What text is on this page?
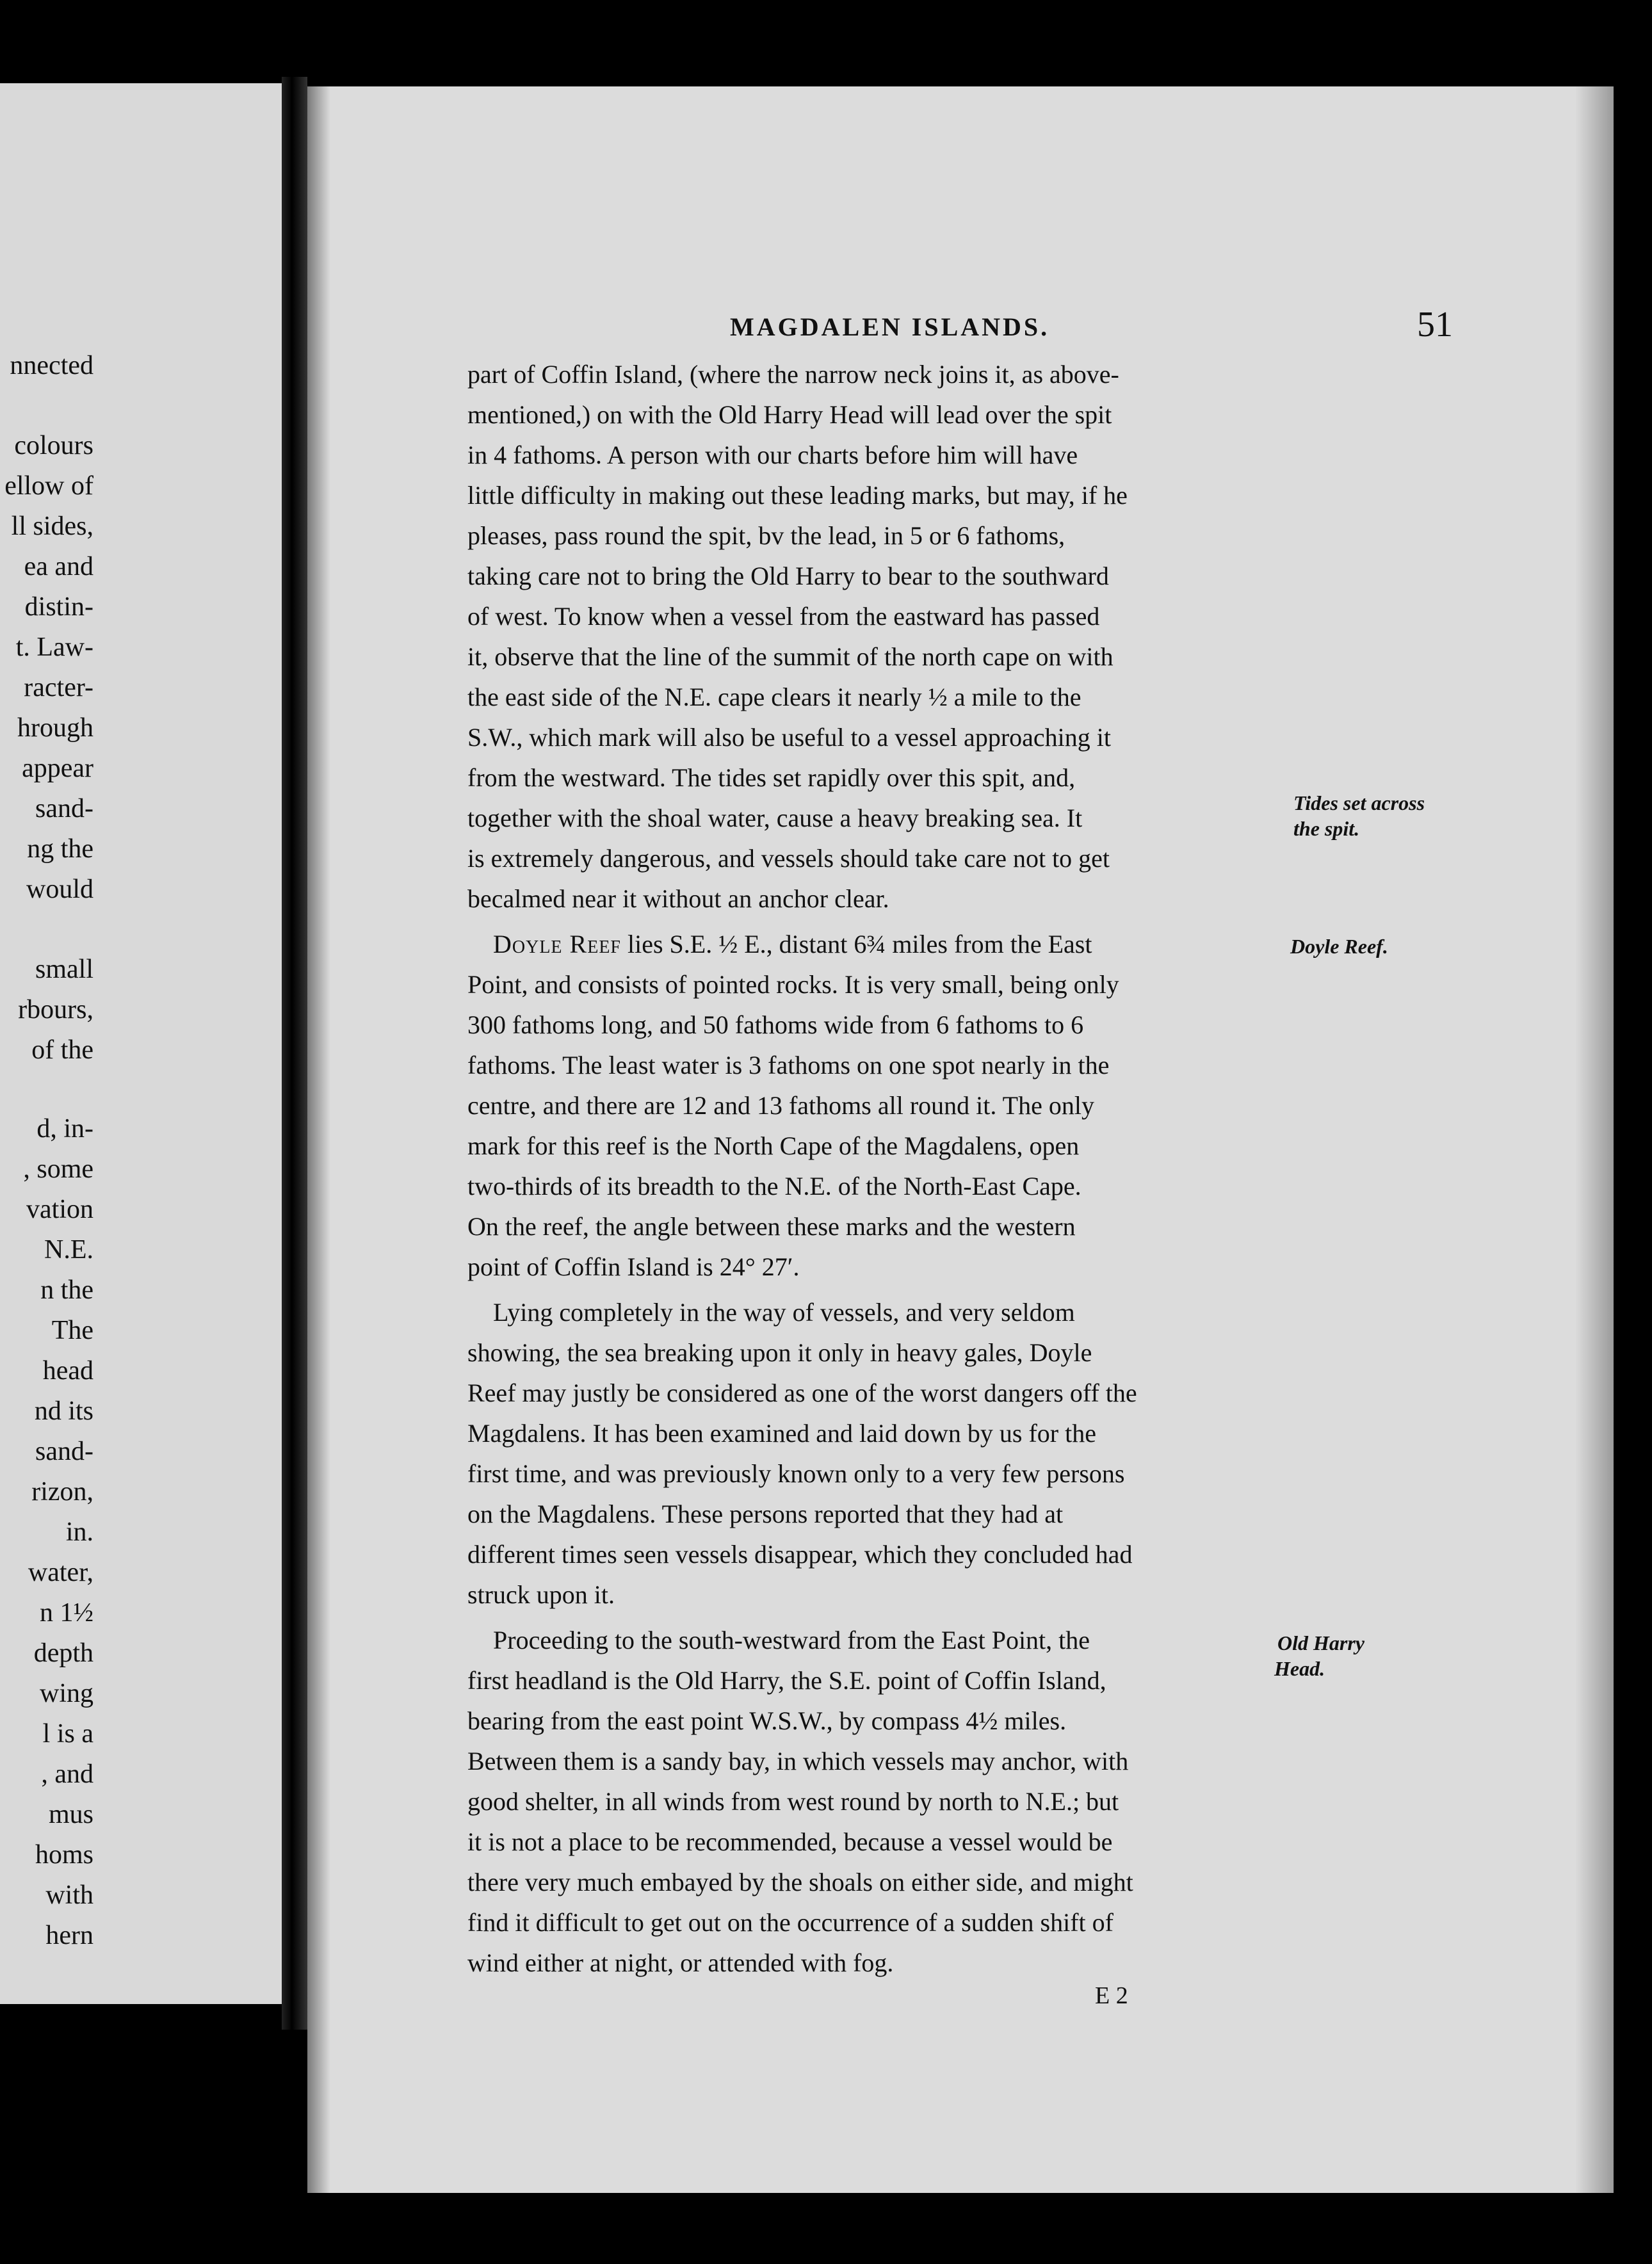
nnected
colours
ellow of
ll sides,
ea and
distin-
t. Law-
racter-
hrough
appear
sand-
ng the
would
small
rbours,
of the
d, in-
, some
vation
N.E.
n the
The
head
nd its
sand-
rizon,
in.
water,
n 1½
depth
wing
l is a
, and
mus
homs
with
hern
MAGDALEN ISLANDS.	51
part of Coffin Island, (where the narrow neck joins it, as above-
mentioned,) on with the Old Harry Head will lead over the spit
in 4 fathoms. A person with our charts before him will have
little difficulty in making out these leading marks, but may, if he
pleases, pass round the spit, bv the lead, in 5 or 6 fathoms,
taking care not to bring the Old Harry to bear to the southward
of west. To know when a vessel from the eastward has passed
it, observe that the line of the summit of the north cape on with
the east side of the N.E. cape clears it nearly ½ a mile to the
S.W., which mark will also be useful to a vessel approaching it
from the westward. The tides set rapidly over this spit, and,
together with the shoal water, cause a heavy breaking sea. It
is extremely dangerous, and vessels should take care not to get
becalmed near it without an anchor clear.
Doyle Reef lies S.E. ½ E., distant 6¾ miles from the East
Point, and consists of pointed rocks. It is very small, being only
300 fathoms long, and 50 fathoms wide from 6 fathoms to 6
fathoms. The least water is 3 fathoms on one spot nearly in the
centre, and there are 12 and 13 fathoms all round it. The only
mark for this reef is the North Cape of the Magdalens, open
two-thirds of its breadth to the N.E. of the North-East Cape.
On the reef, the angle between these marks and the western
point of Coffin Island is 24° 27′.
Lying completely in the way of vessels, and very seldom
showing, the sea breaking upon it only in heavy gales, Doyle
Reef may justly be considered as one of the worst dangers off the
Magdalens. It has been examined and laid down by us for the
first time, and was previously known only to a very few persons
on the Magdalens. These persons reported that they had at
different times seen vessels disappear, which they concluded had
struck upon it.
Proceeding to the south-westward from the East Point, the
first headland is the Old Harry, the S.E. point of Coffin Island,
bearing from the east point W.S.W., by compass 4½ miles.
Between them is a sandy bay, in which vessels may anchor, with
good shelter, in all winds from west round by north to N.E.; but
it is not a place to be recommended, because a vessel would be
there very much embayed by the shoals on either side, and might
find it difficult to get out on the occurrence of a sudden shift of
wind either at night, or attended with fog.
Tides set across
the spit.
Doyle Reef.
Old Harry
Head.
E 2
